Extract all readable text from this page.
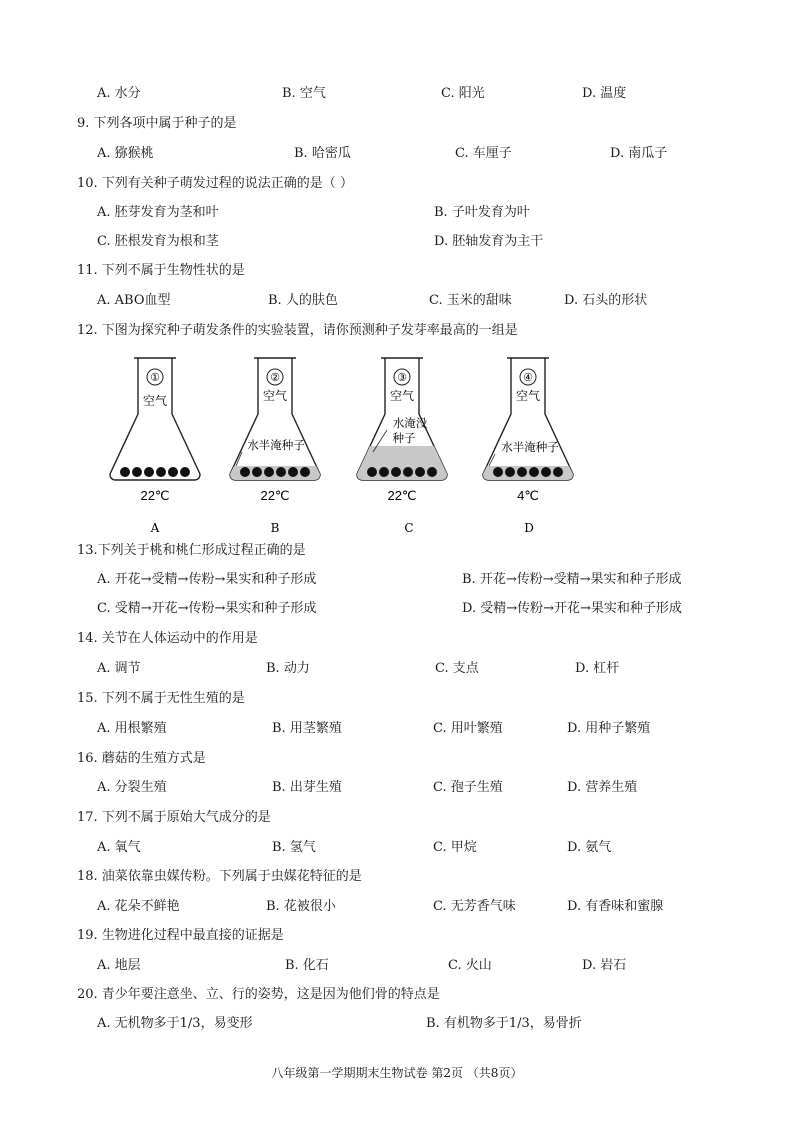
A. 水分	B. 空气	C. 阳光	D. 温度
9. 下列各项中属于种子的是
A. 猕猴桃	B. 哈密瓜	C. 车厘子	D. 南瓜子
10. 下列有关种子萌发过程的说法正确的是（ ）
A. 胚芽发育为茎和叶	B. 子叶发育为叶
C. 胚根发育为根和茎	D. 胚轴发育为主干
11. 下列不属于生物性状的是
A. ABO血型	B. 人的肤色	C. 玉米的甜味	D. 石头的形状
12. 下图为探究种子萌发条件的实验装置，请你预测种子发芽率最高的一组是
①
空气
22℃
A
②
空气
水半淹种子
22℃
B
③
空气
水淹没
种子
22℃
C
④
空气
水半淹种子
4℃
D
13.下列关于桃和桃仁形成过程正确的是
A. 开花→受精→传粉→果实和种子形成	B. 开花→传粉→受精→果实和种子形成
C. 受精→开花→传粉→果实和种子形成	D. 受精→传粉→开花→果实和种子形成
14. 关节在人体运动中的作用是
A. 调节	B. 动力	C. 支点	D. 杠杆
15. 下列不属于无性生殖的是
A. 用根繁殖	B. 用茎繁殖	C. 用叶繁殖	D. 用种子繁殖
16. 蘑菇的生殖方式是
A. 分裂生殖	B. 出芽生殖	C. 孢子生殖	D. 营养生殖
17. 下列不属于原始大气成分的是
A. 氧气	B. 氢气	C. 甲烷	D. 氨气
18. 油菜依靠虫媒传粉。下列属于虫媒花特征的是
A. 花朵不鲜艳	B. 花被很小	C. 无芳香气味	D. 有香味和蜜腺
19. 生物进化过程中最直接的证据是
A. 地层	B. 化石	C. 火山	D. 岩石
20. 青少年要注意坐、立、行的姿势，这是因为他们骨的特点是
A. 无机物多于1/3，易变形	B. 有机物多于1/3，易骨折
八年级第一学期期末生物试卷 第2页 （共8页）
